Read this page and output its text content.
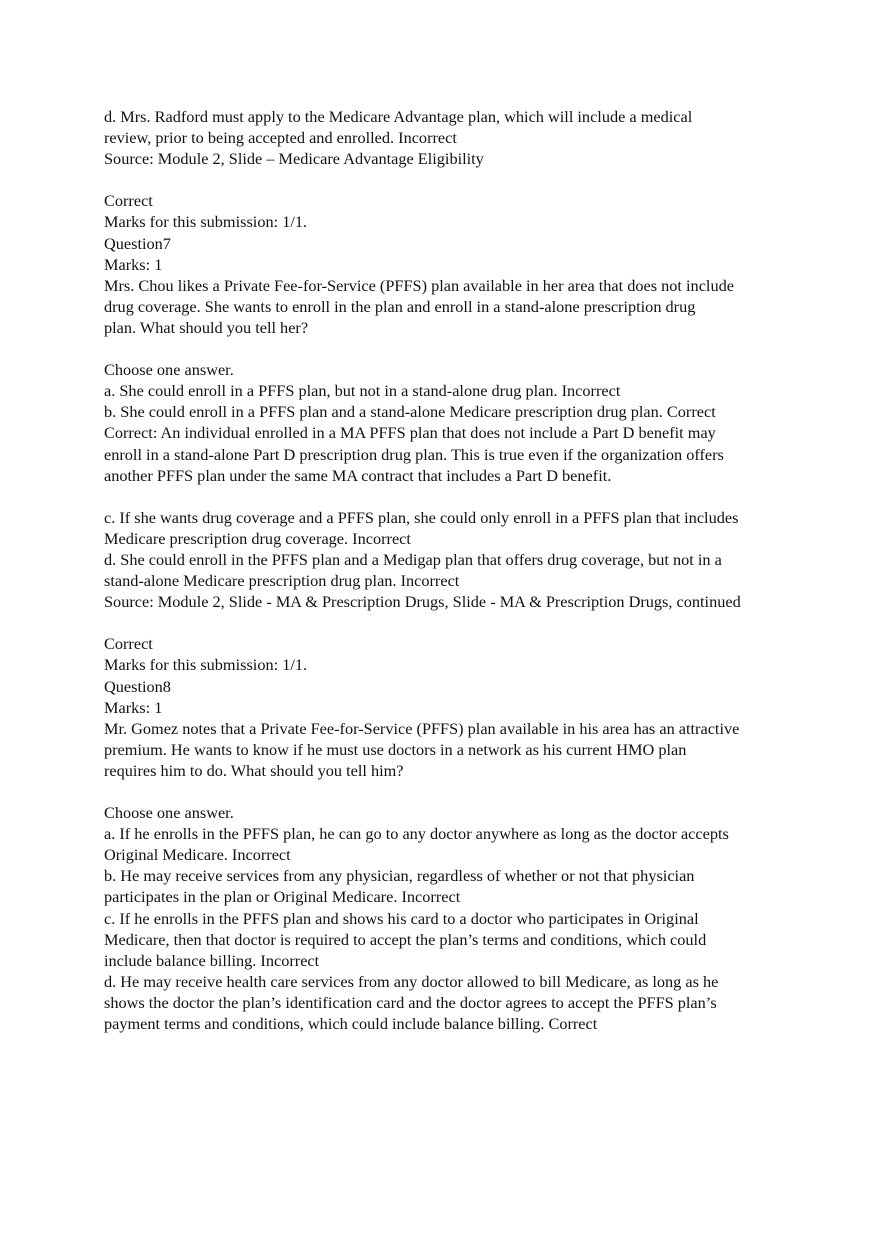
d. Mrs. Radford must apply to the Medicare Advantage plan, which will include a medical
review, prior to being accepted and enrolled. Incorrect
Source: Module 2, Slide – Medicare Advantage Eligibility
Correct
Marks for this submission: 1/1.
Question7
Marks: 1
Mrs. Chou likes a Private Fee-for-Service (PFFS) plan available in her area that does not include
drug coverage. She wants to enroll in the plan and enroll in a stand-alone prescription drug
plan. What should you tell her?
Choose one answer.
a. She could enroll in a PFFS plan, but not in a stand-alone drug plan. Incorrect
b. She could enroll in a PFFS plan and a stand-alone Medicare prescription drug plan. Correct
Correct: An individual enrolled in a MA PFFS plan that does not include a Part D benefit may
enroll in a stand-alone Part D prescription drug plan. This is true even if the organization offers
another PFFS plan under the same MA contract that includes a Part D benefit.
c. If she wants drug coverage and a PFFS plan, she could only enroll in a PFFS plan that includes
Medicare prescription drug coverage. Incorrect
d. She could enroll in the PFFS plan and a Medigap plan that offers drug coverage, but not in a
stand-alone Medicare prescription drug plan. Incorrect
Source: Module 2, Slide - MA & Prescription Drugs, Slide - MA & Prescription Drugs, continued
Correct
Marks for this submission: 1/1.
Question8
Marks: 1
Mr. Gomez notes that a Private Fee-for-Service (PFFS) plan available in his area has an attractive
premium. He wants to know if he must use doctors in a network as his current HMO plan
requires him to do. What should you tell him?
Choose one answer.
a. If he enrolls in the PFFS plan, he can go to any doctor anywhere as long as the doctor accepts
Original Medicare. Incorrect
b. He may receive services from any physician, regardless of whether or not that physician
participates in the plan or Original Medicare. Incorrect
c. If he enrolls in the PFFS plan and shows his card to a doctor who participates in Original
Medicare, then that doctor is required to accept the plan’s terms and conditions, which could
include balance billing. Incorrect
d. He may receive health care services from any doctor allowed to bill Medicare, as long as he
shows the doctor the plan’s identification card and the doctor agrees to accept the PFFS plan’s
payment terms and conditions, which could include balance billing. Correct
